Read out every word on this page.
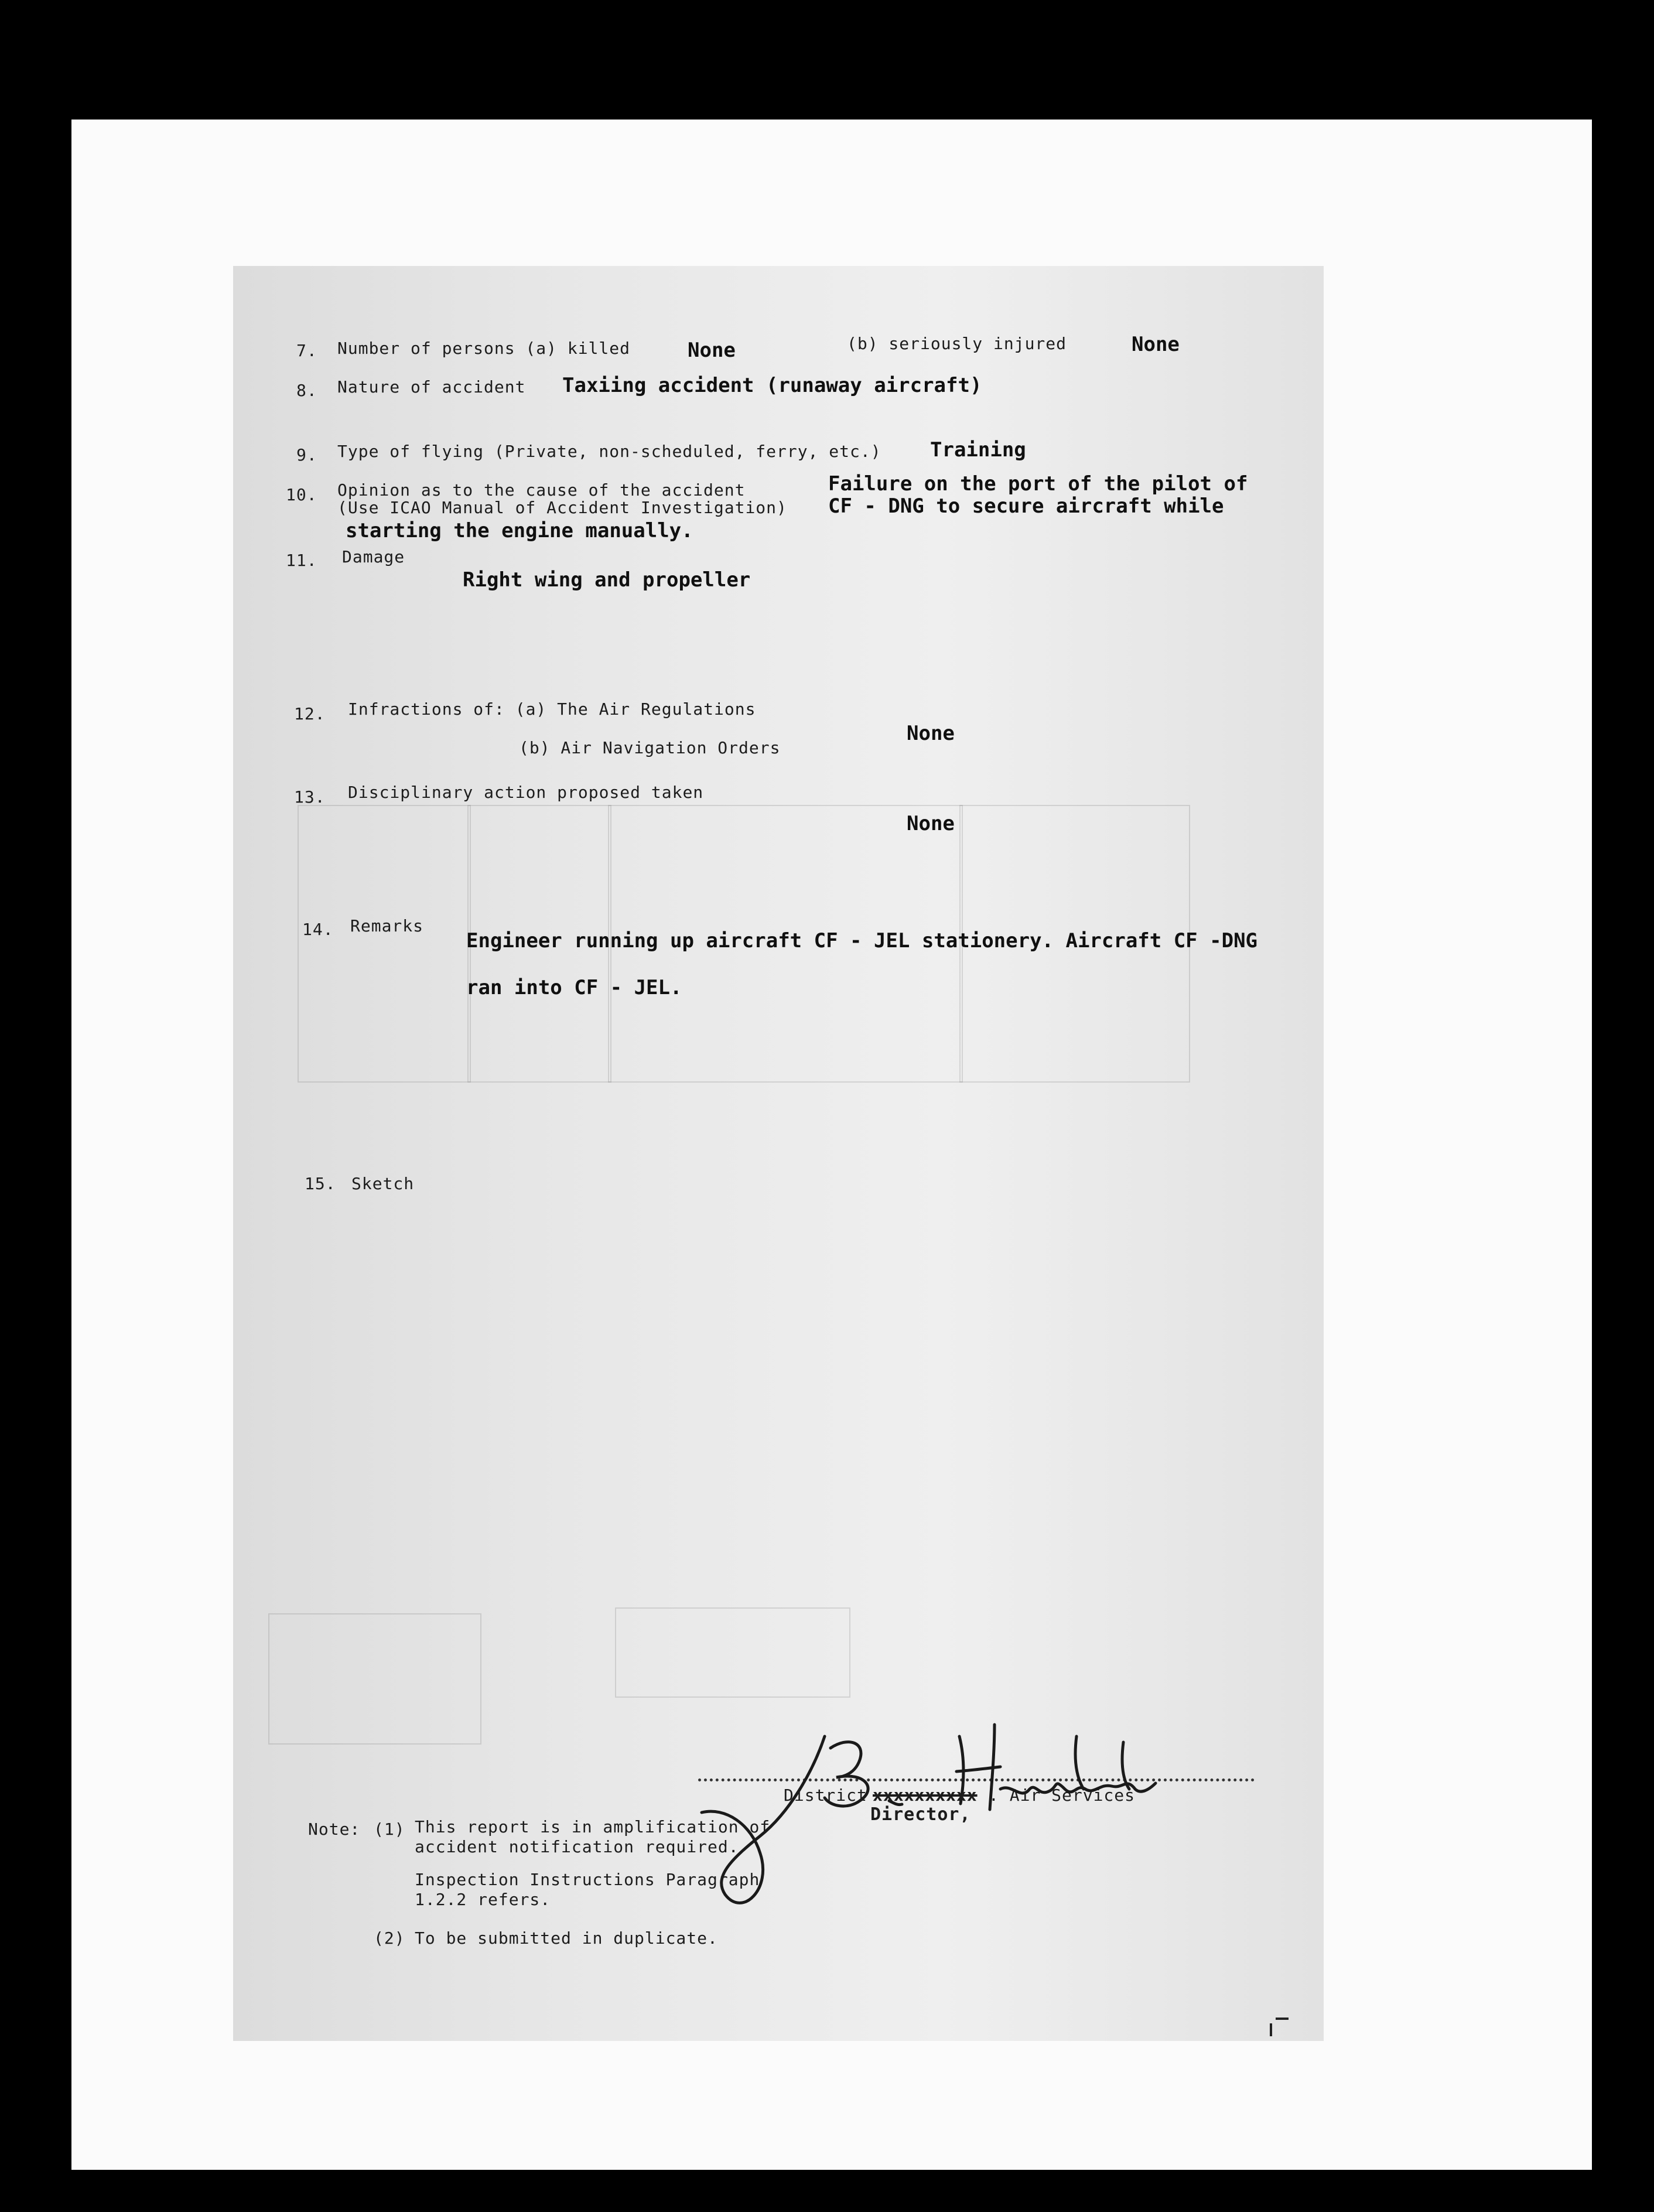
7. Number of persons (a) killed	None	(b) seriously injured	None
8. Nature of accident Taxiing accident (runaway aircraft)
9. Type of flying (Private, non-scheduled, ferry, etc.) Training
10. Opinion as to the cause of the accident
(Use ICAO Manual of Accident Investigation)
Failure on the port of the pilot of
CF - DNG to secure aircraft while
starting the engine manually.
11. Damage
Right wing and propeller
12. Infractions of: (a) The Air Regulations
(b) Air Navigation Orders
None
13. Disciplinary action proposed taken
None
14. Remarks
Engineer running up aircraft CF - JEL stationery. Aircraft CF -DNG
ran into CF - JEL.
15. Sketch
District xxxxxxxxxx . Air Services
Director,
Note: (1) This report is in amplification of
accident notification required.
Inspection Instructions Paragraph
1.2.2 refers.
(2) To be submitted in duplicate.
